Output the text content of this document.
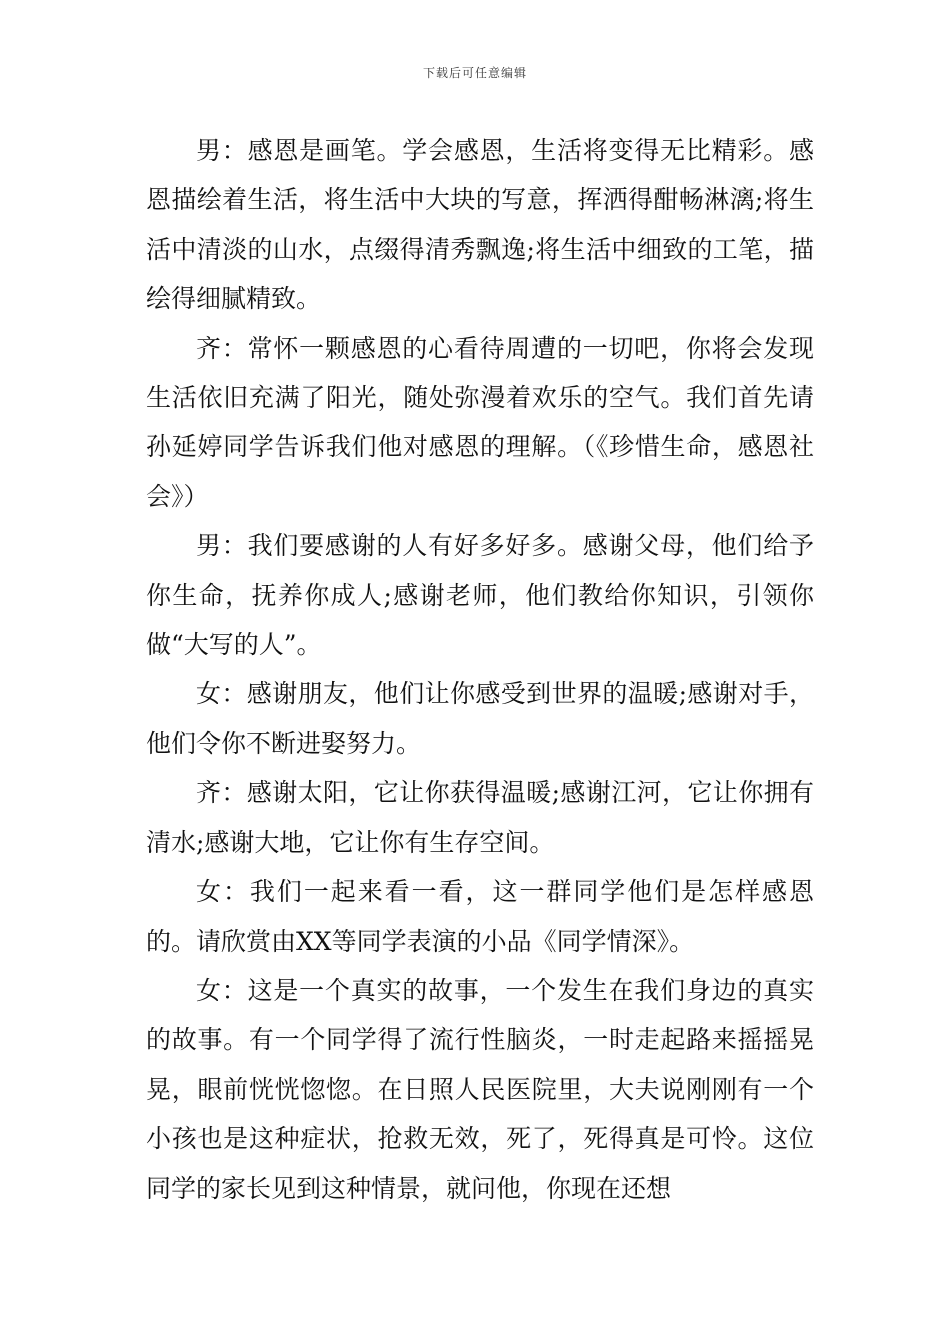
下载后可任意编辑

男：感恩是画笔。学会感恩，生活将变得无比精彩。感恩描绘着生活，将生活中大块的写意，挥洒得酣畅淋漓;将生活中清淡的山水，点缀得清秀飘逸;将生活中细致的工笔，描绘得细腻精致。

齐：常怀一颗感恩的心看待周遭的一切吧，你将会发现生活依旧充满了阳光，随处弥漫着欢乐的空气。我们首先请孙延婷同学告诉我们他对感恩的理解。（《珍惜生命，感恩社会》）

男：我们要感谢的人有好多好多。感谢父母，他们给予你生命，抚养你成人;感谢老师，他们教给你知识，引领你做“大写的人”。

女：感谢朋友，他们让你感受到世界的温暖;感谢对手，他们令你不断进娶努力。

齐：感谢太阳，它让你获得温暖;感谢江河，它让你拥有清水;感谢大地，它让你有生存空间。

女：我们一起来看一看，这一群同学他们是怎样感恩的。请欣赏由XX等同学表演的小品《同学情深》。

女：这是一个真实的故事，一个发生在我们身边的真实的故事。有一个同学得了流行性脑炎，一时走起路来摇摇晃晃，眼前恍恍惚惚。在日照人民医院里，大夫说刚刚有一个小孩也是这种症状，抢救无效，死了，死得真是可怜。这位同学的家长见到这种情景，就问他，你现在还想
